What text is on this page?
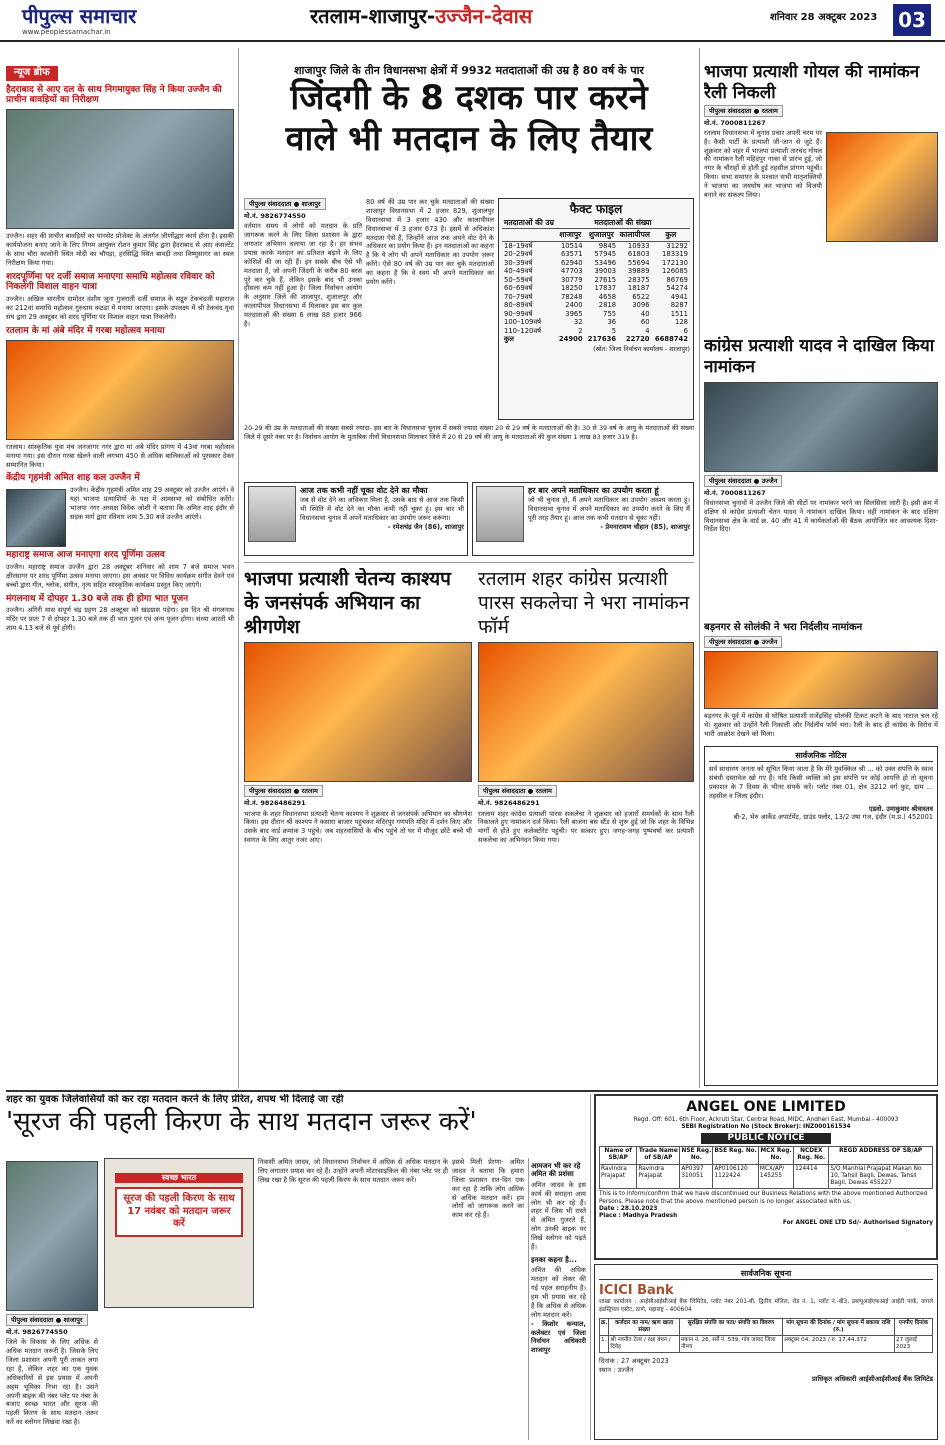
पीपुल्स समाचार
www.peoplessamachar.in
रतलाम-शाजापुर-उज्जैन-देवास	शनिवार 28 अक्टूबर 2023 03
न्यूज ब्रीफ
हैदराबाद से आए दल के साथ निगमायुक्त सिंह ने किया उज्जैन की प्राचीन बावड़ियों का निरीक्षण
उज्जैन। शहर की प्राचीन बावड़ियों का पानसेट प्रोजेक्ट के अंतर्गत जीर्णोद्धार कार्य होना है। इसकी कार्ययोजना बनाए जाने के लिए निगम आयुक्त रोशन कुमार सिंह द्वारा हैदराबाद से आए कंसल्टेंट के साथ चौरा कालोनी स्थित मोदी का चौपड़ा, हरसिद्धि स्थित बावड़ी तथा विष्णुसागर का स्थल निरीक्षण किया गया।
शरदपूर्णिमा पर दर्जी समाज मनाएगा समाधि महोत्सव रविवार को निकलेगी विशाल वाहन यात्रा
उज्जैन। अखिल भारतीय दामोदर वंशीय जूना गुजराती दर्जी समाज के सद्गुरु टेकचंदजी महाराज का 212वां समाधि महोत्सव गुरुधाम कठड़ा में मनाया जाएगा। इसके उपलक्ष्य में श्री टेकचंद युवा संघ द्वारा 29 अक्टूबर को शरद पूर्णिमा पर विशाल वाहन यात्रा निकलेगी।
रतलाम के मां अंबे मंदिर में गरबा महोत्सव मनाया
रतलाम। सांस्कृतिक युवा मंच जनजागर नगर द्वारा मां अंबे मंदिर प्रांगण में 43वां गरबा महोत्सव मनाया गया। इस दौरान गरबा खेलने वाली लगभग 450 से अधिक बालिकाओं को पुरस्कार देकर सम्मानित किया।
केंद्रीय गृहमंत्री अमित शाह कल उज्जैन में
उज्जैन। केंद्रीय गृहमंत्री अमित शाह 29 अक्टूबर को उज्जैन आएंगे। वे यहां भाजपा प्रत्याशियों के पक्ष में आमसभा को संबोधित करेंगे। भाजपा नगर अध्यक्ष विवेक जोशी ने बताया कि अमित शाह इंदौर से सड़क मार्ग द्वारा रविवार शाम 5.30 बजे उज्जैन आएंगे।
महाराष्ट्र समाज आज मनाएगा शरद पूर्णिमा उत्सव
उज्जैन। महाराष्ट्र समाज उज्जैन द्वारा 28 अक्टूबर शनिवार को शाम 7 बजे समाज भवन क्षीरसागर पर शरद पूर्णिमा उत्सव मनाया जाएगा। इस अवसर पर विविध कार्यक्रम संगीत देवने एवं बच्चों द्वारा गीत, श्लोक, संगीत, नृत्य सहित सांस्कृतिक कार्यक्रम प्रस्तुत किए जाएंगे।
मंगलनाथ में दोपहर 1.30 बजे तक ही होगा भात पूजन
उज्जैन। अंगिरी मास संपूर्ण चंद्र ग्रहण 28 अक्टूबर को खंडग्रास पड़ेगा। इस दिन श्री मंगलनाथ मंदिर पर प्रातः 7 से दोपहर 1.30 बजे तक ही भात पूजन एवं अन्य पूजन होगा। संध्या आरती भी शाम 4.13 बजे से पूर्व होगी।
शाजापुर जिले के तीन विधानसभा क्षेत्रों में 9932 मतदाताओं की उम्र है 80 वर्ष के पार
जिंदगी के 8 दशक पार करने
वाले भी मतदान के लिए तैयार
पीपुल्स संवाददाता ● शाजापुर
मो.नं. 9826774550
वर्तमान समय में लोगों को मतदान के प्रति जागरूक करने के लिए जिला प्रशासन के द्वारा लगातार अभियान चलाया जा रहा है। हर संभव प्रयास करके मतदान का प्रतिशत बढ़ाने के लिए कोशिशें की जा रही हैं। इन सबके बीच ऐसे भी मतदाता हैं, जो अपनी जिंदगी के करीब 80 बरस पूरे कर चुके हैं, लेकिन इसके बाद भी उनका हौसला कम नहीं हुआ है। जिला निर्वाचन आयोग के अनुसार जिले की शाजापुर, शुजालपुर और कालापीपल विधानसभा में मिलाकर इस बार कुल मतदाताओं की संख्या 6 लाख 88 हजार 966 है।
80 वर्ष की उम्र पार कर चुके मतदाताओं की संख्या शाजापुर विधानसभा में 2 हजार 829, शुजालपुर विधानसभा में 3 हजार 430 और कालापीपल विधानसभा में 3 हजार 673 है। इसमें से अधिकांश मतदाता ऐसे हैं, जिन्होंने आज तक अपने वोट देने के अधिकार का प्रयोग किया है। इन मतदाताओं का कहना है कि ये लोग भी अपने मताधिकार का उपयोग जरूर करेंगे। ऐसे 80 वर्ष की उम्र पार कर चुके मतदाताओं का कहना है कि वे स्वयं भी अपने मताधिकार का प्रयोग करेंगे।
फैक्ट फाइल
मतदाताओं की उम्र	मतदाताओं की संख्या			
	शाजापुर	शुजालपुर	कालापीपल	कुल
18–19वर्ष	10514	9845	10933	31292
20–29वर्ष	63571	57945	61803	183319
30–39वर्ष	62940	53496	55694	172130
40–49वर्ष	47703	39003	39889	126085
50–59वर्ष	30779	27615	28375	86769
60–69वर्ष	18250	17837	18187	54274
70–79वर्ष	78248	4658	6522	4941
80–89वर्ष	2400	2818	3096	8287
90–99वर्ष	3965	755	40	1511
100–109वर्ष	32	36	60	128
110–120वर्ष	2	5	4	6
कुल	24900	217636	22720	6688742
(स्रोत: जिला निर्वाचन कार्यालय - शाजापुर)
20-29 की उम्र के मतदाताओं की संख्या सबसे ज्यादा- इस बार के विधानसभा चुनाव में सबसे ज्यादा संख्या 20 से 29 वर्ष के मतदाताओं की है। 30 से 39 वर्ष के आयु के मतदाताओं की संख्या जिले में दूसरे नंबर पर है। निर्वाचन आयोग के मुताबिक तीनों विधानसभा मिलाकर जिले में 20 से 29 वर्ष की आयु के मतदाताओं की कुल संख्या 1 लाख 83 हजार 319 है।
आज तक कभी नहीं चूका वोट देने का मौका
जब से वोट देने का अधिकार मिला है, उसके बाद से आज तक किसी भी स्थिति में वोट देने का मौका कभी नहीं चूका हूं। इस बार भी विधानसभा चुनाव में अपने मताधिकार का उपयोग जरूर करूंगा।
- रमेशचंद्र जैन (86), शाजापुर
हर बार अपने मताधिकार का उपयोग करता हूं
जो भी चुनाव हो, मैं अपने मताधिकार का उपयोग अवश्य करता हूं। विधानसभा चुनाव में अपने मताधिकार का उपयोग करने के लिए मैं पूरी तरह तैयार हूं। आज तक कभी मतदान से चूका नहीं।
- प्रेमनारायण चौहान (85), शाजापुर
भाजपा प्रत्याशी चेतन्य काश्यप के जनसंपर्क अभियान का श्रीगणेश
पीपुल्स संवाददाता ● रतलाम
मो.नं. 9826486291
भाजपा के शहर विधानसभा प्रत्याशी चेतन्य काश्यप ने शुक्रवार से जनसंपर्क अभियान का श्रीगणेश किया। इस दौरान श्री काश्यप ने कसारा बाजार पहुंचकर मंदिरपुर गणपति मंदिर में दर्शन किए और उसके बाद वार्ड क्रमांक 3 पहुंचे। जब शहरवासियों के बीच पहुंचे तो घर में मौजूद छोटे बच्चे भी स्वागत के लिए आतुर नजर आए।
रतलाम शहर कांग्रेस प्रत्याशी पारस सकलेचा ने भरा नामांकन फॉर्म
पीपुल्स संवाददाता ● रतलाम
मो.नं. 9826486291
रतलाम शहर कांग्रेस प्रत्याशी पारस सकलेचा ने शुक्रवार को हजारों समर्थकों के साथ रैली निकालते हुए नामांकन दर्ज किया। रैली बाजना बस स्टैंड से शुरू हुई जो कि शहर के विभिन्न मार्गों से होते हुए कलेक्टोरेट पहुंची। पर सत्कार हुए। जगह-जगह पुष्पवर्षा कर प्रत्याशी सकलेचा का अभिनंदन किया गया।
भाजपा प्रत्याशी गोयल की नामांकन रैली निकली
पीपुल्स संवाददाता ● रतलाम
मो.नं. 7000811267
रतलाम विधानसभा में चुनाव प्रचार अपनी चरम पर है। कैसी पार्टी के प्रत्याशी जी-जान से जुटे हैं। शुक्रवार को शहर में भाजपा प्रत्याशी तारचंद गोयल की नामांकन रैली महिदपुर नाका से प्रारंभ हुई, जो नगर के चौराहों से होती हुई तहसील प्रांगण पहुंची। किया। सभा समापन के पश्चात सभी मातृशक्तियों ने भाजपा का जयघोष कर भाजपा को विजयी बनाने का संकल्प लिया।
कांग्रेस प्रत्याशी यादव ने दाखिल किया नामांकन
पीपुल्स संवाददाता ● उज्जैन
मो.नं. 7000811267
विधानसभा चुनावों में उज्जैन जिले की सीटों पर नामांकन भरने का सिलसिला जारी है। इसी क्रम में दक्षिण से कांग्रेस प्रत्याशी चेतन यादव ने नामांकन दाखिल किया। वहीं नामांकन के बाद दक्षिण विधानसभा क्षेत्र के वार्ड क्र. 40 और 41 में कार्यकर्ताओं की बैठक आयोजित कर आवश्यक दिशा-निर्देश दिए।
बड़नगर से सोलंकी ने भरा निर्दलीय नामांकन
पीपुल्स संवाददाता ● उज्जैन
बड़नगर के पूर्व में कांग्रेस से घोषित प्रत्याशी राजेंद्रसिंह सोलंकी टिकट कटने के बाद नाराज चल रहे थे। शुक्रवार को उन्होंने रैली निकाली और निर्दलीय फॉर्म भरा। रैली के बाद ही कांग्रेस के विरोध में भारी आक्रोश देखने को मिला।
सार्वजनिक नोटिस
सर्व साधारण जनता को सूचित किया जाता है कि मेरे मुवक्किल श्री ... को उक्त संपत्ति के स्वत्व संबंधी दस्तावेज खो गए हैं। यदि किसी व्यक्ति को इस संपत्ति पर कोई आपत्ति हो तो सूचना प्रकाशन के 7 दिवस के भीतर संपर्क करें। प्लॉट नंबर 01, क्षेत्र 3212 वर्ग फुट, ग्राम ... तहसील व जिला इंदौर।
एडवो. उमाकुमार श्रीवास्तव
बी-2, भेरु आर्केड अपार्टमेंट, ग्राउंड फ्लोर, 13/2 उषा गंज, इंदौर (म.प्र.) 452001
शहर का युवक जिलेवासियों को कर रहा मतदान करने के लिए प्रेरित, शपथ भी दिलाई जा रही
'सूरज की पहली किरण के साथ मतदान जरूर करें'
पीपुल्स संवाददाता ● शाजापुर
मो.नं. 9826774550
जिले के विकास के लिए अधिक से अधिक मतदान जरूरी है। जिसके लिए जिला प्रशासन अपनी पूरी ताकत लगा रहा है, लेकिन शहर का एक युवक अधिकारियों से इस प्रयास में अपनी अहम भूमिका निभा रहा है। उसने अपनी बाइक की नंबर प्लेट पर नंबर के बजाए स्वच्छ भारत और सूरज की पहली किरण के साथ मतदान जरूर करें का स्लोगन लिखवा रखा है।
स्वच्छ भारत
सूरज की पहली किरण के साथ 17 नवंबर को मतदान जरूर करें
निवासी अमित जादव, जो विधानसभा निर्वाचन में अधिक से अधिक मतदान के लिए लगातार प्रयास कर रहे हैं। उन्होंने अपनी मोटरसाइकिल की नंबर प्लेट पर ही लिख रखा है कि सूरज की पहली किरण के साथ मतदान जरूर करें।
इससे मिली प्रेरणा- अमित जादव ने बताया कि हमारा जिला प्रशासन रात-दिन एक कर रहा है ताकि लोग अधिक से अधिक मतदान करें। हम लोगों को जागरूक करने का काम कर रहे हैं।
आमजन भी कर रहे अमित की प्रशंसा
अमित जादव के इस कार्य की सराहना आम लोग भी कर रहे हैं। शहर में जिस भी रास्ते से अमित गुजरते हैं, लोग उनकी बाइक पर लिखे स्लोगन को पढ़ते हैं।
इनका कहना है...
अमित की अधिक मतदान को लेकर की गई पहल सराहनीय है। हम भी प्रयास कर रहे हैं कि अधिक से अधिक लोग मतदान करें।
- किशोर कन्याल, कलेक्टर एवं जिला निर्वाचन अधिकारी शाजापुर
ANGEL ONE LIMITED
Regd. Off: 601, 6th Floor, Ackruti Star, Central Road, MIDC, Andheri East, Mumbai - 400093
SEBI Registration No (Stock Broker): INZ000161534
PUBLIC NOTICE
Name of SB/AP	Trade Name of SB/AP	NSE Reg. No.	BSE Reg. No.	MCX Reg. No.	NCDEX Reg. No.	REGD ADDRESS OF SB/AP
Ravindra Prajapat	Ravindra Prajapat	AP0397 310051	AP0106120 1122424	MCX/AP/ 145255	124414	S/O Manhlal Prajapat Makan No 10, Tahsil Bagli, Dewas, Tahsil Bagli, Dewas 455227
This is to inform/confirm that we have discontinued our Business Relations with the above mentioned Authorized Persons. Please note that the above mentioned person is no longer associated with us.
Date : 28.10.2023
Place : Madhya Pradesh
For ANGEL ONE LTD Sd/- Authorised Signatory
सार्वजनिक सूचना
ICICI Bank
शाखा कार्यालय : आईसीआईसीआई बैंक लिमिटेड, प्लॉट नंबर 201-बी, द्वितीय मंजिल, रोड नं. 1, प्लॉट नं.-बी3, डब्ल्यूआईएफआई आईटी पार्क, वागले इंडस्ट्रियल एस्टेट, ठाणे, महाराष्ट्र - 400604
क्र.	कर्जदार का नाम/ ऋण खाता संख्या	सुरक्षित संपत्ति का पता/ संपत्ति का विवरण	मांग सूचना की दिनांक / मांग सूचना में बकाया राशि (रु.)	एनपीए दिनांक
1.	श्री नवनीत टेलर / रक्षा बंधन / दिवेह	मकान नं. 26, सर्वे नं. 539, गांव जावद जिला नीमच	अक्टूबर 04, 2023 / रु. 17,44,372	27 जुलाई 2023
दिनांक : 27 अक्टूबर 2023
स्थान : उज्जैन
प्राधिकृत अधिकारी आईसीआईसीआई बैंक लिमिटेड
